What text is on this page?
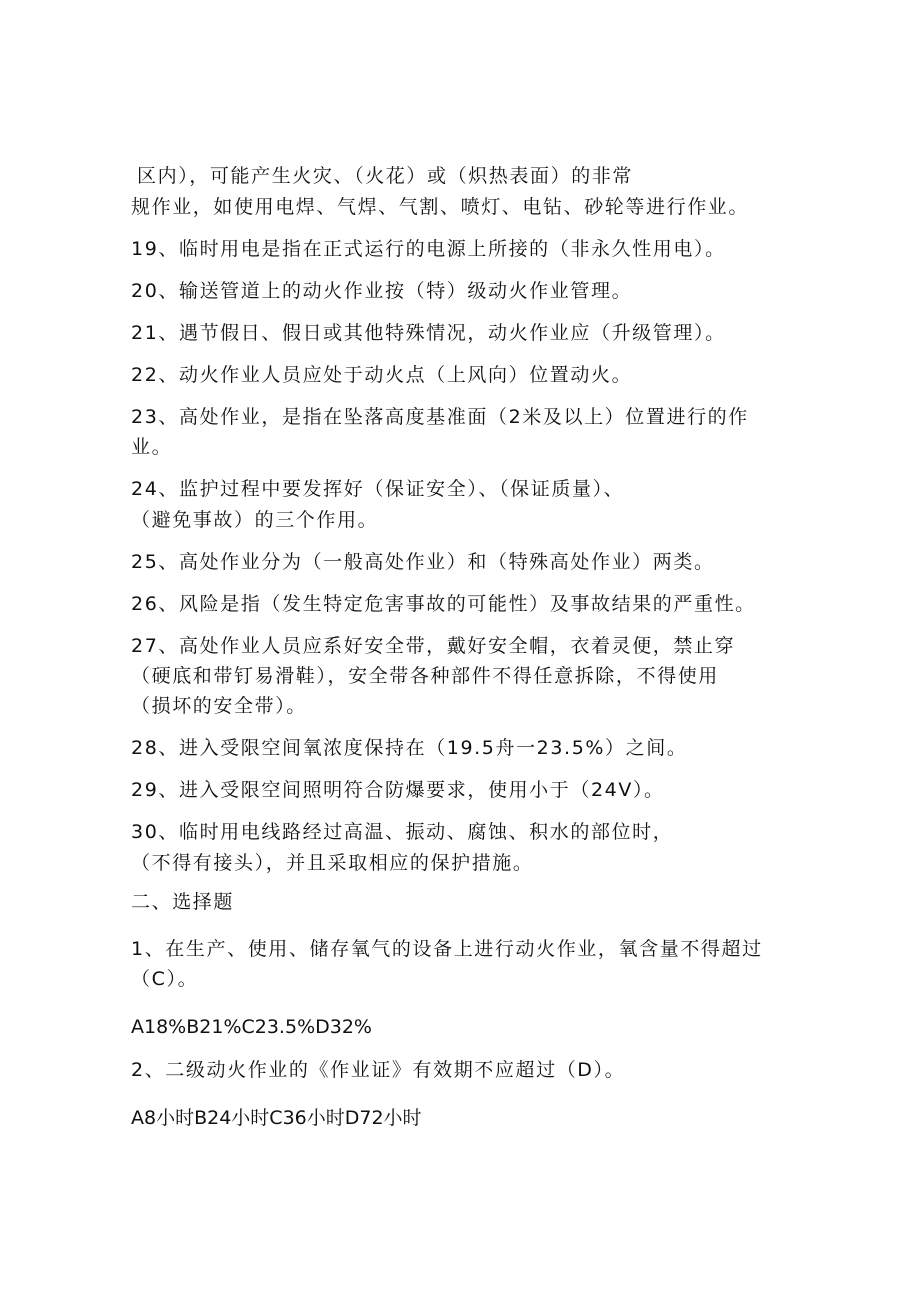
区内），可能产生火灾、（火花）或（炽热表面）的非常
规作业，如使用电焊、气焊、气割、喷灯、电钻、砂轮等进行作业。
19、临时用电是指在正式运行的电源上所接的（非永久性用电）。
20、输送管道上的动火作业按（特）级动火作业管理。
21、遇节假日、假日或其他特殊情况，动火作业应（升级管理）。
22、动火作业人员应处于动火点（上风向）位置动火。
23、高处作业，是指在坠落高度基准面（2米及以上）位置进行的作
业。
24、监护过程中要发挥好（保证安全）、（保证质量）、
（避免事故）的三个作用。
25、高处作业分为（一般高处作业）和（特殊高处作业）两类。
26、风险是指（发生特定危害事故的可能性）及事故结果的严重性。
27、高处作业人员应系好安全带，戴好安全帽，衣着灵便，禁止穿
（硬底和带钉易滑鞋），安全带各种部件不得任意拆除，不得使用
（损坏的安全带）。
28、进入受限空间氧浓度保持在（19.5舟一23.5%）之间。
29、进入受限空间照明符合防爆要求，使用小于（24V）。
30、临时用电线路经过高温、振动、腐蚀、积水的部位时，
（不得有接头），并且采取相应的保护措施。
二、选择题
1、在生产、使用、储存氧气的设备上进行动火作业，氧含量不得超过
（C）。
A18%B21%C23.5%D32%
2、二级动火作业的《作业证》有效期不应超过（D）。
A8小时B24小时C36小时D72小时
